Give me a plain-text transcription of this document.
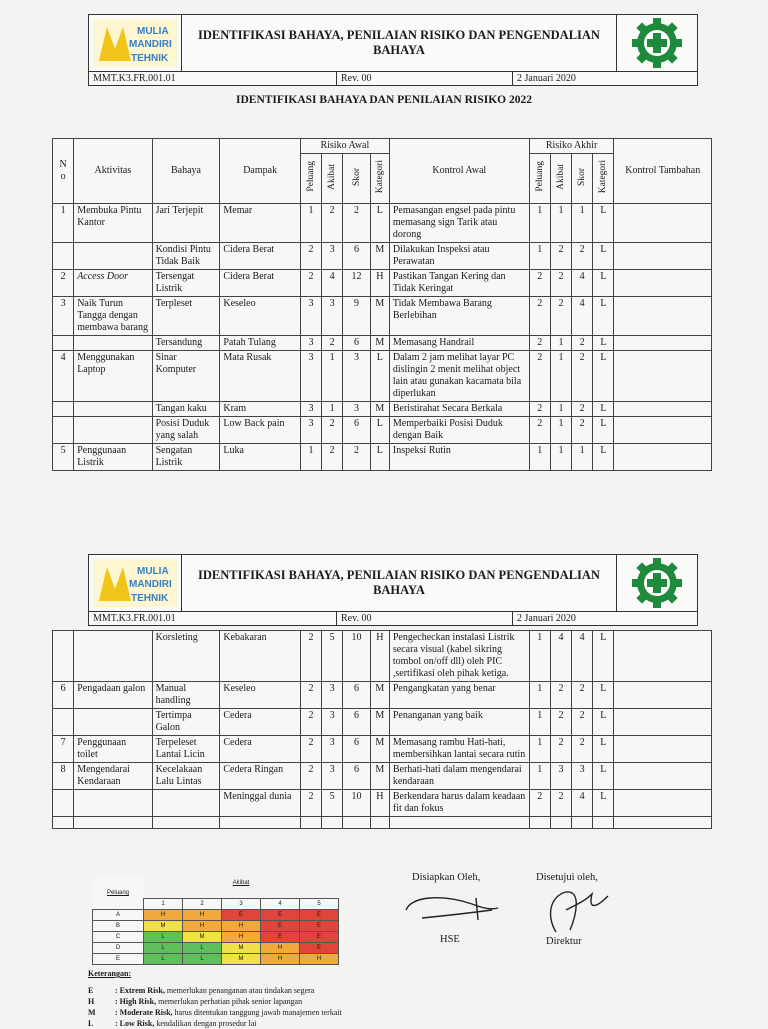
MULIA
MANDIRI
TEHNIK
IDENTIFIKASI BAHAYA, PENILAIAN RISIKO DAN PENGENDALIAN BAHAYA
MMT.K3.FR.001.01	Rev. 00	2 Januari 2020
IDENTIFIKASI BAHAYA DAN PENILAIAN RISIKO 2022
N o	Aktivitas	Bahaya	Dampak	Risiko Awal				Kontrol Awal	Risiko Akhir				Kontrol Tambahan
				Peluang	Akibat	Skor	Kategori		Peluang	Akibat	Skor	Kategori	
1	Membuka Pintu Kantor	Jari Terjepit	Memar	1	2	2	L	Pemasangan engsel pada pintu memasang sign Tarik atau dorong	1	1	1	L	
		Kondisi Pintu Tidak Baik	Cidera Berat	2	3	6	M	Dilakukan Inspeksi atau Perawatan	1	2	2	L	
2	Access Door	Tersengat Listrik	Cidera Berat	2	4	12	H	Pastikan Tangan Kering dan Tidak Keringat	2	2	4	L	
3	Naik Turun Tangga dengan membawa barang	Terpleset	Keseleo	3	3	9	M	Tidak Membawa Barang Berlebihan	2	2	4	L	
		Tersandung	Patah Tulang	3	2	6	M	Memasang Handrail	2	1	2	L	
4	Menggunakan Laptop	Sinar Komputer	Mata Rusak	3	1	3	L	Dalam 2 jam melihat layar PC dislingin 2 menit melihat object lain atau gunakan kacamata bila diperlukan	2	1	2	L	
		Tangan kaku	Kram	3	1	3	M	Beristirahat Secara Berkala	2	1	2	L	
		Posisi Duduk yang salah	Low Back pain	3	2	6	L	Memperbaiki Posisi Duduk dengan Baik	2	1	2	L	
5	Penggunaan Listrik	Sengatan Listrik	Luka	1	2	2	L	Inspeksi Rutin	1	1	1	L	
MULIA
MANDIRI
TEHNIK
IDENTIFIKASI BAHAYA, PENILAIAN RISIKO DAN PENGENDALIAN BAHAYA
MMT.K3.FR.001.01	Rev. 00	2 Januari 2020
		Korsleting	Kebakaran	2	5	10	H	Pengecheckan instalasi Listrik secara visual (kabel sikring tombol on/off dll) oleh PIC ,sertifikasi oleh pihak ketiga.	1	4	4	L	
6	Pengadaan galon	Manual handling	Keseleo	2	3	6	M	Pengangkatan yang benar	1	2	2	L	
		Tertimpa Galon	Cedera	2	3	6	M	Penanganan yang baik	1	2	2	L	
7	Penggunaan toilet	Terpeleset Lantai Licin	Cedera	2	3	6	M	Memasang rambu Hati-hati, membersihkan lantai secara rutin	1	2	2	L	
8	Mengendarai Kendaraan	Kecelakaan Lalu Lintas	Cedera Ringan	2	3	6	M	Berhati-hati dalam mengendarai kendaraan	1	3	3	L	
			Meninggal dunia	2	5	10	H	Berkendara harus dalam keadaan fit dan fokus	2	2	4	L	

	Akibat				
Peluang					
	1	2	3	4	5
A	H	H	E	E	E
B	M	H	H	E	E
C	L	M	H	E	E
D	L	L	M	H	E
E	L	L	M	H	H
Disiapkan Oleh,
HSE
Disetujui oleh,
Direktur
Keterangan:
E	: Extrem Risk, memerlukan penanganan atau tindakan segera
H	: High Risk, memerlukan perhatian pihak senior lapangan
M	: Moderate Risk, harus ditentukan tanggung jawab manajemen terkait
L	: Low Risk, kendalikan dengan prosedur lai
